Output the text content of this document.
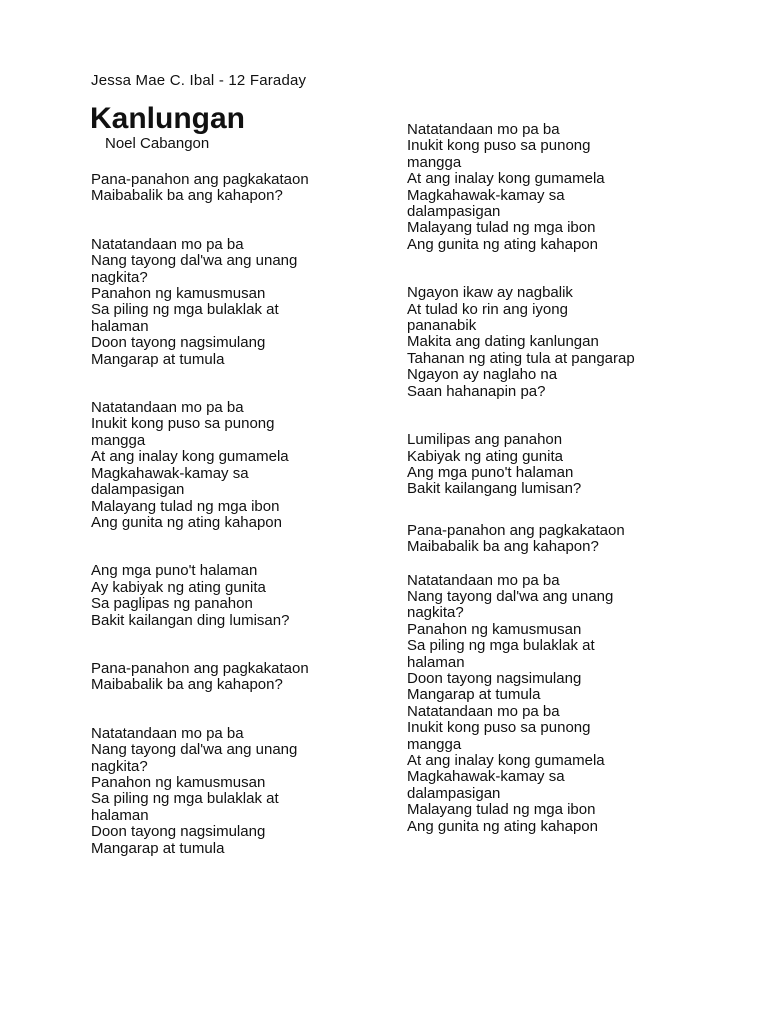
Jessa Mae C. Ibal - 12 Faraday
Kanlungan
Noel Cabangon
Pana-panahon ang pagkakataon
Maibabalik ba ang kahapon?
Natatandaan mo pa ba
Nang tayong dal'wa ang unang
nagkita?
Panahon ng kamusmusan
Sa piling ng mga bulaklak at
halaman
Doon tayong nagsimulang
Mangarap at tumula
Natatandaan mo pa ba
Inukit kong puso sa punong
mangga
At ang inalay kong gumamela
Magkahawak-kamay sa
dalampasigan
Malayang tulad ng mga ibon
Ang gunita ng ating kahapon
Ang mga puno't halaman
Ay kabiyak ng ating gunita
Sa paglipas ng panahon
Bakit kailangan ding lumisan?
Pana-panahon ang pagkakataon
Maibabalik ba ang kahapon?
Natatandaan mo pa ba
Nang tayong dal'wa ang unang
nagkita?
Panahon ng kamusmusan
Sa piling ng mga bulaklak at
halaman
Doon tayong nagsimulang
Mangarap at tumula
Natatandaan mo pa ba
Inukit kong puso sa punong
mangga
At ang inalay kong gumamela
Magkahawak-kamay sa
dalampasigan
Malayang tulad ng mga ibon
Ang gunita ng ating kahapon
Ngayon ikaw ay nagbalik
At tulad ko rin ang iyong
pananabik
Makita ang dating kanlungan
Tahanan ng ating tula at pangarap
Ngayon ay naglaho na
Saan hahanapin pa?
Lumilipas ang panahon
Kabiyak ng ating gunita
Ang mga puno't halaman
Bakit kailangang lumisan?
Pana-panahon ang pagkakataon
Maibabalik ba ang kahapon?
Natatandaan mo pa ba
Nang tayong dal'wa ang unang
nagkita?
Panahon ng kamusmusan
Sa piling ng mga bulaklak at
halaman
Doon tayong nagsimulang
Mangarap at tumula
Natatandaan mo pa ba
Inukit kong puso sa punong
mangga
At ang inalay kong gumamela
Magkahawak-kamay sa
dalampasigan
Malayang tulad ng mga ibon
Ang gunita ng ating kahapon
